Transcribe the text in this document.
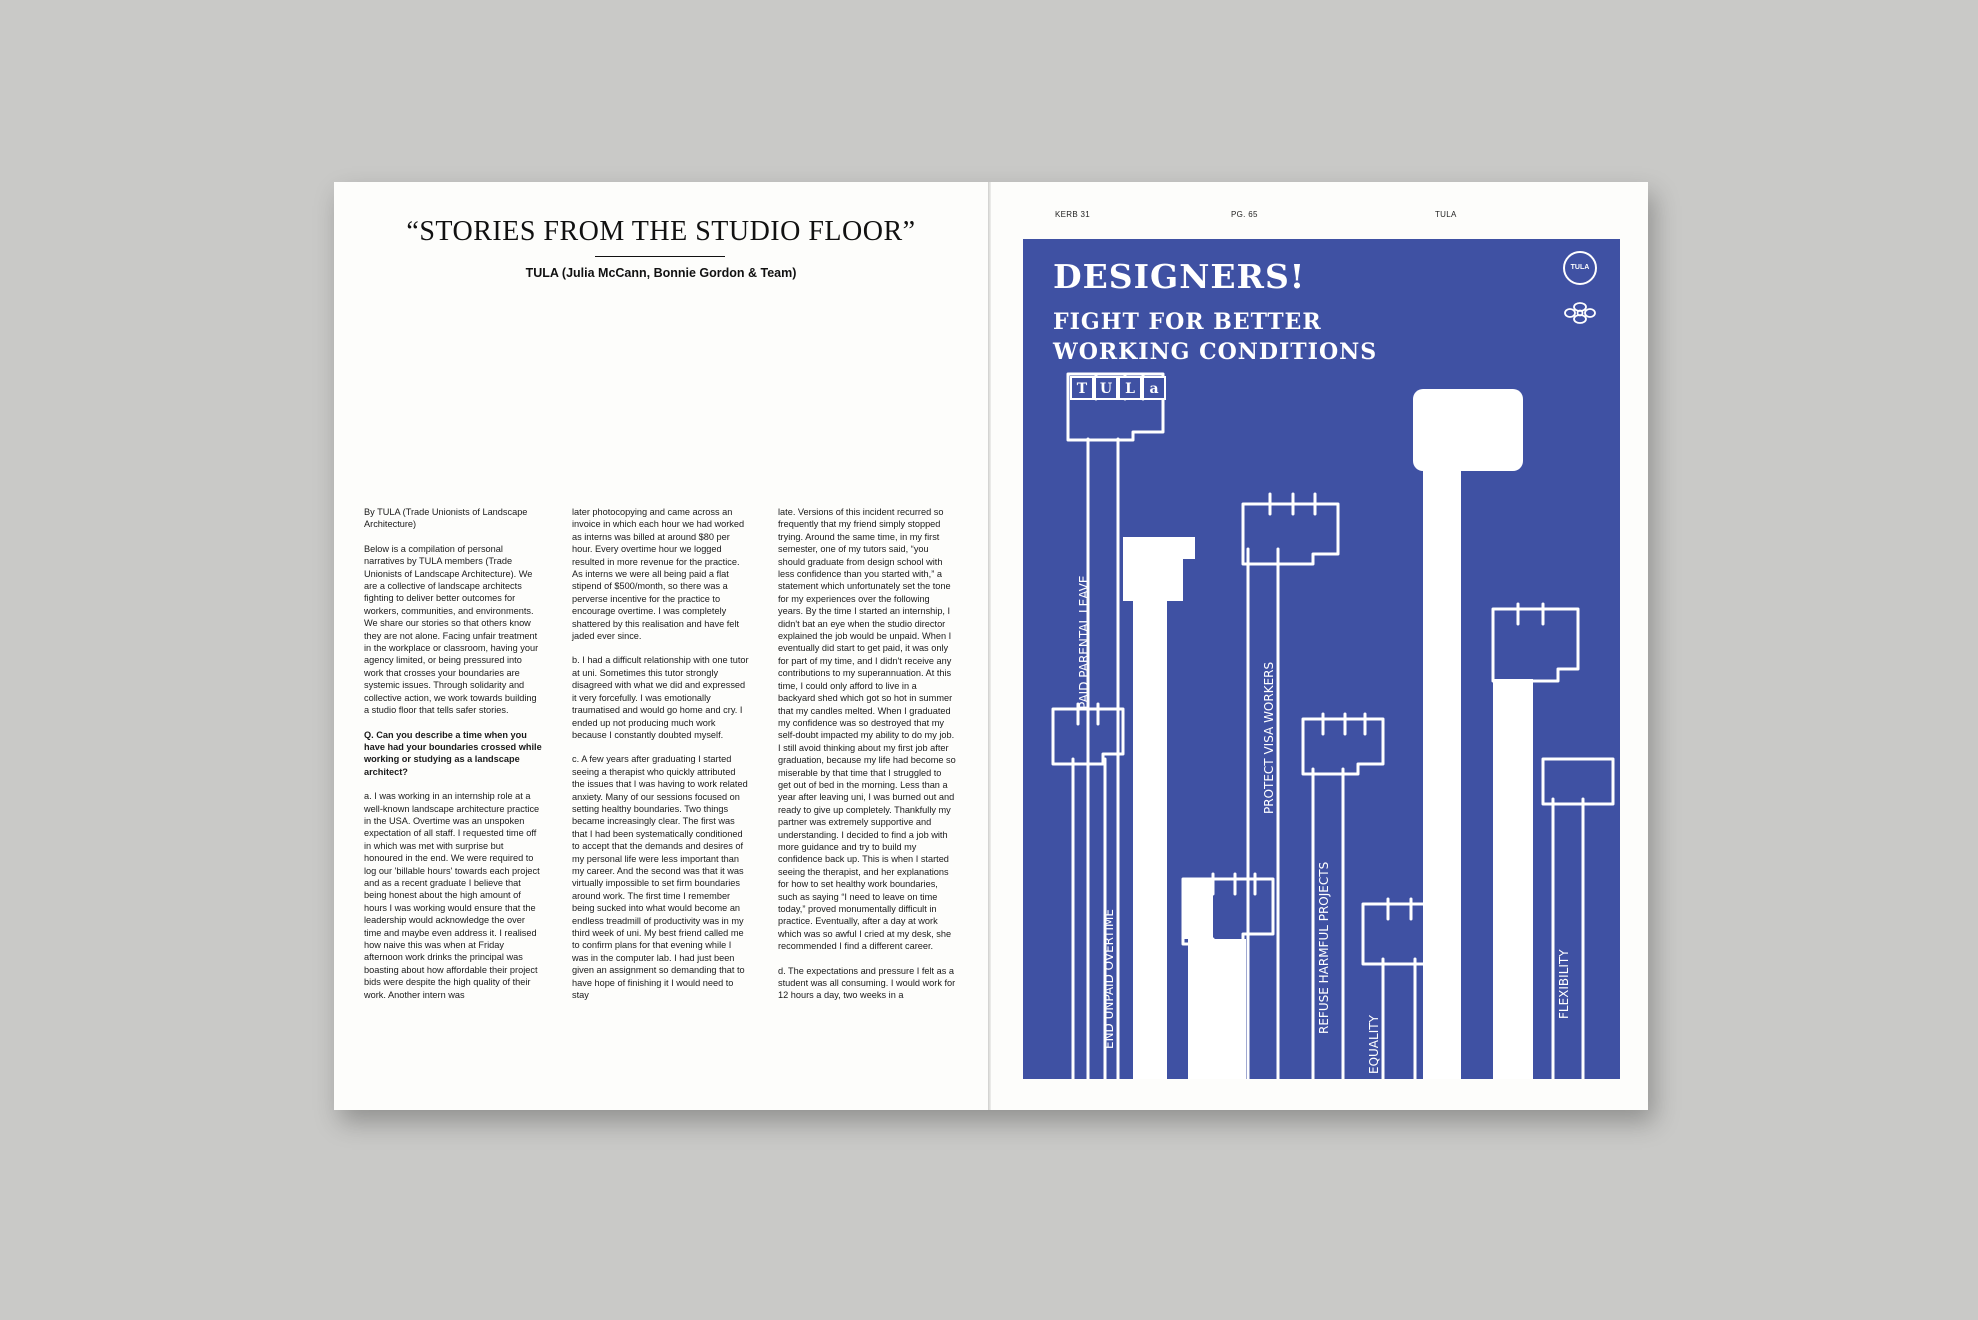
“STORIES FROM THE STUDIO FLOOR”
TULA (Julia McCann, Bonnie Gordon & Team)

By TULA (Trade Unionists of Landscape Architecture)

Below is a compilation of personal narratives by TULA members (Trade Unionists of Landscape Architecture). We are a collective of landscape architects fighting to deliver better outcomes for workers, communities, and environments. We share our stories so that others know they are not alone. Facing unfair treatment in the workplace or classroom, having your agency limited, or being pressured into work that crosses your boundaries are systemic issues. Through solidarity and collective action, we work towards building a studio floor that tells safer stories.

Q. Can you describe a time when you have had your boundaries crossed while working or studying as a landscape architect?

a. I was working in an internship role at a well-known landscape architecture practice in the USA. Overtime was an unspoken expectation of all staff. I requested time off in which was met with surprise but honoured in the end. We were required to log our 'billable hours' towards each project and as a recent graduate I believe that being honest about the high amount of hours I was working would ensure that the leadership would acknowledge the over time and maybe even address it. I realised how naive this was when at Friday afternoon work drinks the principal was boasting about how affordable their project bids were despite the high quality of their work. Another intern was

later photocopying and came across an invoice in which each hour we had worked as interns was billed at around $80 per hour. Every overtime hour we logged resulted in more revenue for the practice. As interns we were all being paid a flat stipend of $500/month, so there was a perverse incentive for the practice to encourage overtime. I was completely shattered by this realisation and have felt jaded ever since.

b. I had a difficult relationship with one tutor at uni. Sometimes this tutor strongly disagreed with what we did and expressed it very forcefully. I was emotionally traumatised and would go home and cry. I ended up not producing much work because I constantly doubted myself.

c. A few years after graduating I started seeing a therapist who quickly attributed the issues that I was having to work related anxiety. Many of our sessions focused on setting healthy boundaries. Two things became increasingly clear. The first was that I had been systematically conditioned to accept that the demands and desires of my personal life were less important than my career. And the second was that it was virtually impossible to set firm boundaries around work. The first time I remember being sucked into what would become an endless treadmill of productivity was in my third week of uni. My best friend called me to confirm plans for that evening while I was in the computer lab. I had just been given an assignment so demanding that to have hope of finishing it I would need to stay

late. Versions of this incident recurred so frequently that my friend simply stopped trying. Around the same time, in my first semester, one of my tutors said, “you should graduate from design school with less confidence than you started with,” a statement which unfortunately set the tone for my experiences over the following years. By the time I started an internship, I didn't bat an eye when the studio director explained the job would be unpaid. When I eventually did start to get paid, it was only for part of my time, and I didn't receive any contributions to my superannuation. At this time, I could only afford to live in a backyard shed which got so hot in summer that my candles melted. When I graduated my confidence was so destroyed that my self-doubt impacted my ability to do my job. I still avoid thinking about my first job after graduation, because my life had become so miserable by that time that I struggled to get out of bed in the morning. Less than a year after leaving uni, I was burned out and ready to give up completely. Thankfully my partner was extremely supportive and understanding. I decided to find a job with more guidance and try to build my confidence back up. This is when I started seeing the therapist, and her explanations for how to set healthy work boundaries, such as saying “I need to leave on time today,” proved monumentally difficult in practice. Eventually, after a day at work which was so awful I cried at my desk, she recommended I find a different career.

d. The expectations and pressure I felt as a student was all consuming. I would work for 12 hours a day, two weeks in a

KERB 31	PG. 65	TULA
T U L a
PAID PARENTAL LEAVE
PROTECT VISA WORKERS
BETTER PAY
END UNPAID OVERTIME	REFUSE HARMFUL PROJECTS
EQUALITY
FLEXIBILITY
DESIGNERS!
FIGHT FOR BETTER
WORKING CONDITIONS
TULA
